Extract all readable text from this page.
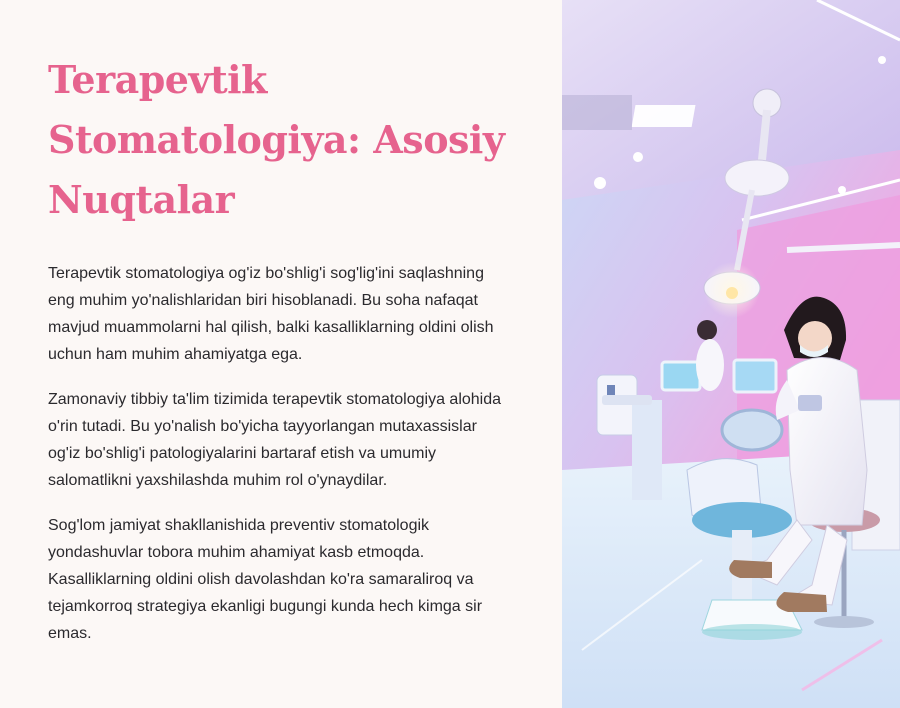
Terapevtik Stomatologiya: Asosiy Nuqtalar

Terapevtik stomatologiya og'iz bo'shlig'i sog'lig'ini saqlashning eng muhim yo'nalishlaridan biri hisoblanadi. Bu soha nafaqat mavjud muammolarni hal qilish, balki kasalliklarning oldini olish uchun ham muhim ahamiyatga ega.

Zamonaviy tibbiy ta'lim tizimida terapevtik stomatologiya alohida o'rin tutadi. Bu yo'nalish bo'yicha tayyorlangan mutaxassislar og'iz bo'shlig'i patologiyalarini bartaraf etish va umumiy salomatlikni yaxshilashda muhim rol o'ynaydilar.

Sog'lom jamiyat shakllanishida preventiv stomatologik yondashuvlar tobora muhim ahamiyat kasb etmoqda. Kasalliklarning oldini olish davolashdan ko'ra samaraliroq va tejamkorroq strategiya ekanligi bugungi kunda hech kimga sir emas.
